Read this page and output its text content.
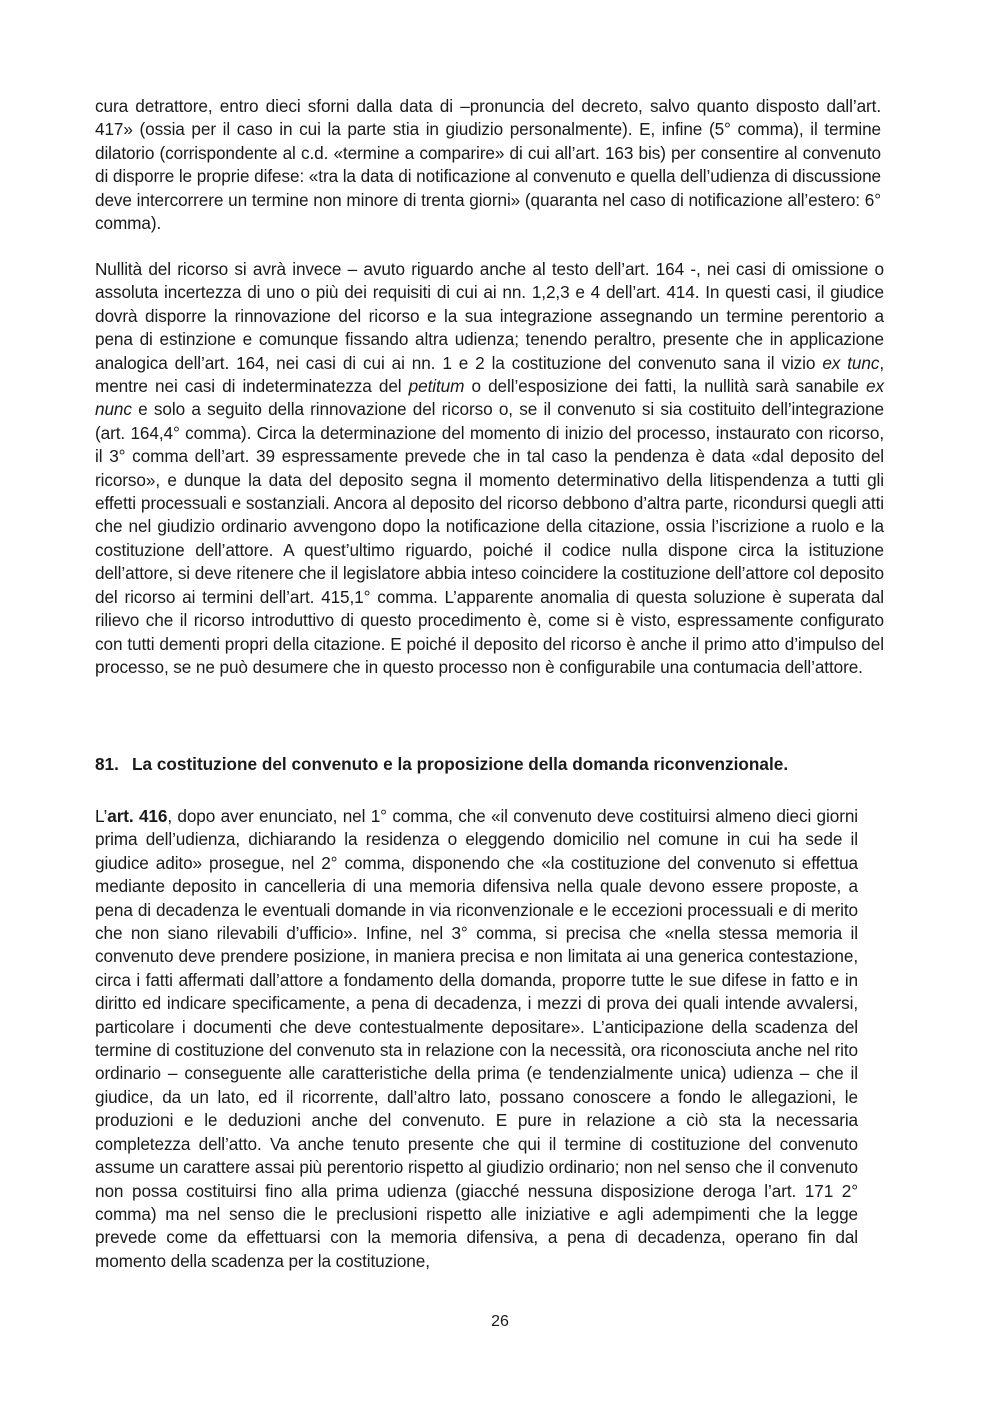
cura detrattore, entro dieci sforni dalla data di –pronuncia del decreto, salvo quanto disposto dall’art. 417» (ossia per il caso in cui la parte stia in giudizio personalmente). E, infine (5° comma), il termine dilatorio (corrispondente al c.d. «termine a comparire» di cui all’art. 163 bis) per consentire al convenuto di disporre le proprie difese: «tra la data di notificazione al convenuto e quella dell’udienza di discussione deve intercorrere un termine non minore di trenta giorni» (quaranta nel caso di notificazione all’estero: 6° comma).

Nullità del ricorso si avrà invece – avuto riguardo anche al testo dell’art. 164 -, nei casi di omissione o assoluta incertezza di uno o più dei requisiti di cui ai nn. 1,2,3 e 4 dell’art. 414. In questi casi, il giudice dovrà disporre la rinnovazione del ricorso e la sua integrazione assegnando un termine perentorio a pena di estinzione e comunque fissando altra udienza; tenendo peraltro, presente che in applicazione analogica dell’art. 164, nei casi di cui ai nn. 1 e 2 la costituzione del convenuto sana il vizio ex tunc, mentre nei casi di indeterminatezza del petitum o dell’esposizione dei fatti, la nullità sarà sanabile ex nunc e solo a seguito della rinnovazione del ricorso o, se il convenuto si sia costituito dell’integrazione (art. 164,4° comma). Circa la determinazione del momento di inizio del processo, instaurato con ricorso, il 3° comma dell’art. 39 espressamente prevede che in tal caso la pendenza è data «dal deposito del ricorso», e dunque la data del deposito segna il momento determinativo della litispendenza a tutti gli effetti processuali e sostanziali. Ancora al deposito del ricorso debbono d’altra parte, ricondursi quegli atti che nel giudizio ordinario avvengono dopo la notificazione della citazione, ossia l’iscrizione a ruolo e la costituzione dell’attore. A quest’ultimo riguardo, poiché il codice nulla dispone circa la istituzione dell’attore, si deve ritenere che il legislatore abbia inteso coincidere la costituzione dell’attore col deposito del ricorso ai termini dell’art. 415,1° comma. L’apparente anomalia di questa soluzione è superata dal rilievo che il ricorso introduttivo di questo procedimento è, come si è visto, espressamente configurato con tutti dementi propri della citazione. E poiché il deposito del ricorso è anche il primo atto d’impulso del processo, se ne può desumere che in questo processo non è configurabile una contumacia dell’attore.

81. La costituzione del convenuto e la proposizione della domanda riconvenzionale.

L’art. 416, dopo aver enunciato, nel 1° comma, che «il convenuto deve costituirsi almeno dieci giorni prima dell’udienza, dichiarando la residenza o eleggendo domicilio nel comune in cui ha sede il giudice adito» prosegue, nel 2° comma, disponendo che «la costituzione del convenuto si effettua mediante deposito in cancelleria di una memoria difensiva nella quale devono essere proposte, a pena di decadenza le eventuali domande in via riconvenzionale e le eccezioni processuali e di merito che non siano rilevabili d’ufficio». Infine, nel 3° comma, si precisa che «nella stessa memoria il convenuto deve prendere posizione, in maniera precisa e non limitata ai una generica contestazione, circa i fatti affermati dall’attore a fondamento della domanda, proporre tutte le sue difese in fatto e in diritto ed indicare specificamente, a pena di decadenza, i mezzi di prova dei quali intende avvalersi, particolare i documenti che deve contestualmente depositare». L’anticipazione della scadenza del termine di costituzione del convenuto sta in relazione con la necessità, ora riconosciuta anche nel rito ordinario – conseguente alle caratteristiche della prima (e tendenzialmente unica) udienza – che il giudice, da un lato, ed il ricorrente, dall’altro lato, possano conoscere a fondo le allegazioni, le produzioni e le deduzioni anche del convenuto. E pure in relazione a ciò sta la necessaria completezza dell’atto. Va anche tenuto presente che qui il termine di costituzione del convenuto assume un carattere assai più perentorio rispetto al giudizio ordinario; non nel senso che il convenuto non possa costituirsi fino alla prima udienza (giacché nessuna disposizione deroga l’art. 171 2° comma) ma nel senso die le preclusioni rispetto alle iniziative e agli adempimenti che la legge prevede come da effettuarsi con la memoria difensiva, a pena di decadenza, operano fin dal momento della scadenza per la costituzione,

26
